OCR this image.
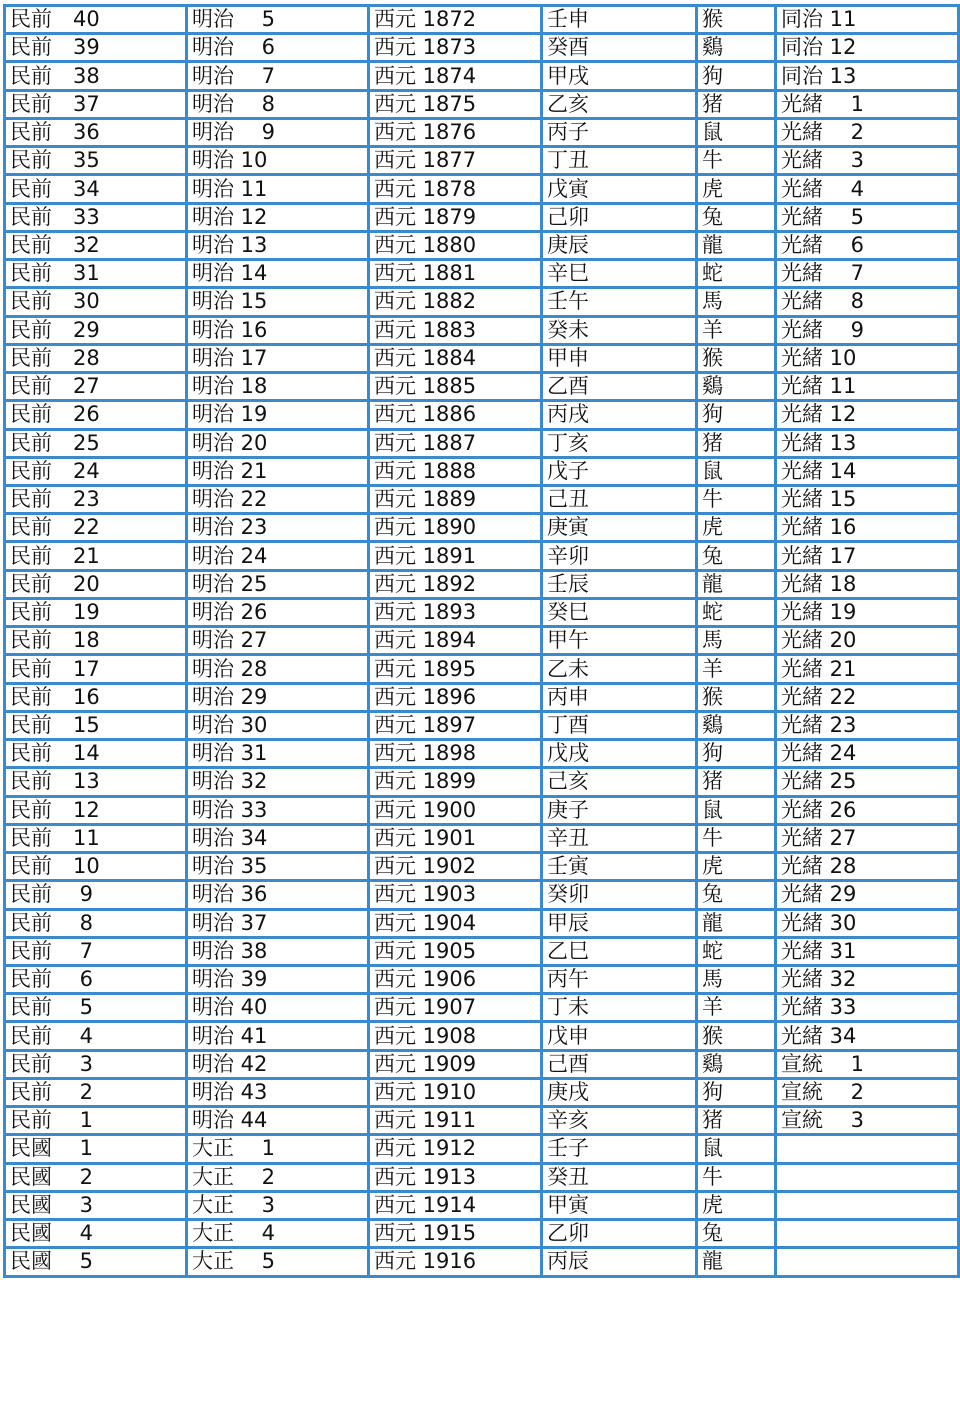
民前　40	明治　 5	西元 1872	壬申	猴	同治 11
民前　39	明治　 6	西元 1873	癸酉	鷄	同治 12
民前　38	明治　 7	西元 1874	甲戌	狗	同治 13
民前　37	明治　 8	西元 1875	乙亥	猪	光緒　 1
民前　36	明治　 9	西元 1876	丙子	鼠	光緒　 2
民前　35	明治 10	西元 1877	丁丑	牛	光緒　 3
民前　34	明治 11	西元 1878	戊寅	虎	光緒　 4
民前　33	明治 12	西元 1879	己卯	兔	光緒　 5
民前　32	明治 13	西元 1880	庚辰	龍	光緒　 6
民前　31	明治 14	西元 1881	辛巳	蛇	光緒　 7
民前　30	明治 15	西元 1882	壬午	馬	光緒　 8
民前　29	明治 16	西元 1883	癸未	羊	光緒　 9
民前　28	明治 17	西元 1884	甲申	猴	光緒 10
民前　27	明治 18	西元 1885	乙酉	鷄	光緒 11
民前　26	明治 19	西元 1886	丙戌	狗	光緒 12
民前　25	明治 20	西元 1887	丁亥	猪	光緒 13
民前　24	明治 21	西元 1888	戊子	鼠	光緒 14
民前　23	明治 22	西元 1889	己丑	牛	光緒 15
民前　22	明治 23	西元 1890	庚寅	虎	光緒 16
民前　21	明治 24	西元 1891	辛卯	兔	光緒 17
民前　20	明治 25	西元 1892	壬辰	龍	光緒 18
民前　19	明治 26	西元 1893	癸巳	蛇	光緒 19
民前　18	明治 27	西元 1894	甲午	馬	光緒 20
民前　17	明治 28	西元 1895	乙未	羊	光緒 21
民前　16	明治 29	西元 1896	丙申	猴	光緒 22
民前　15	明治 30	西元 1897	丁酉	鷄	光緒 23
民前　14	明治 31	西元 1898	戊戌	狗	光緒 24
民前　13	明治 32	西元 1899	己亥	猪	光緒 25
民前　12	明治 33	西元 1900	庚子	鼠	光緒 26
民前　11	明治 34	西元 1901	辛丑	牛	光緒 27
民前　10	明治 35	西元 1902	壬寅	虎	光緒 28
民前　 9	明治 36	西元 1903	癸卯	兔	光緒 29
民前　 8	明治 37	西元 1904	甲辰	龍	光緒 30
民前　 7	明治 38	西元 1905	乙巳	蛇	光緒 31
民前　 6	明治 39	西元 1906	丙午	馬	光緒 32
民前　 5	明治 40	西元 1907	丁未	羊	光緒 33
民前　 4	明治 41	西元 1908	戊申	猴	光緒 34
民前　 3	明治 42	西元 1909	己酉	鷄	宣統　 1
民前　 2	明治 43	西元 1910	庚戌	狗	宣統　 2
民前　 1	明治 44	西元 1911	辛亥	猪	宣統　 3
民國　 1	大正　 1	西元 1912	壬子	鼠	
民國　 2	大正　 2	西元 1913	癸丑	牛	
民國　 3	大正　 3	西元 1914	甲寅	虎	
民國　 4	大正　 4	西元 1915	乙卯	兔	
民國　 5	大正　 5	西元 1916	丙辰	龍	
